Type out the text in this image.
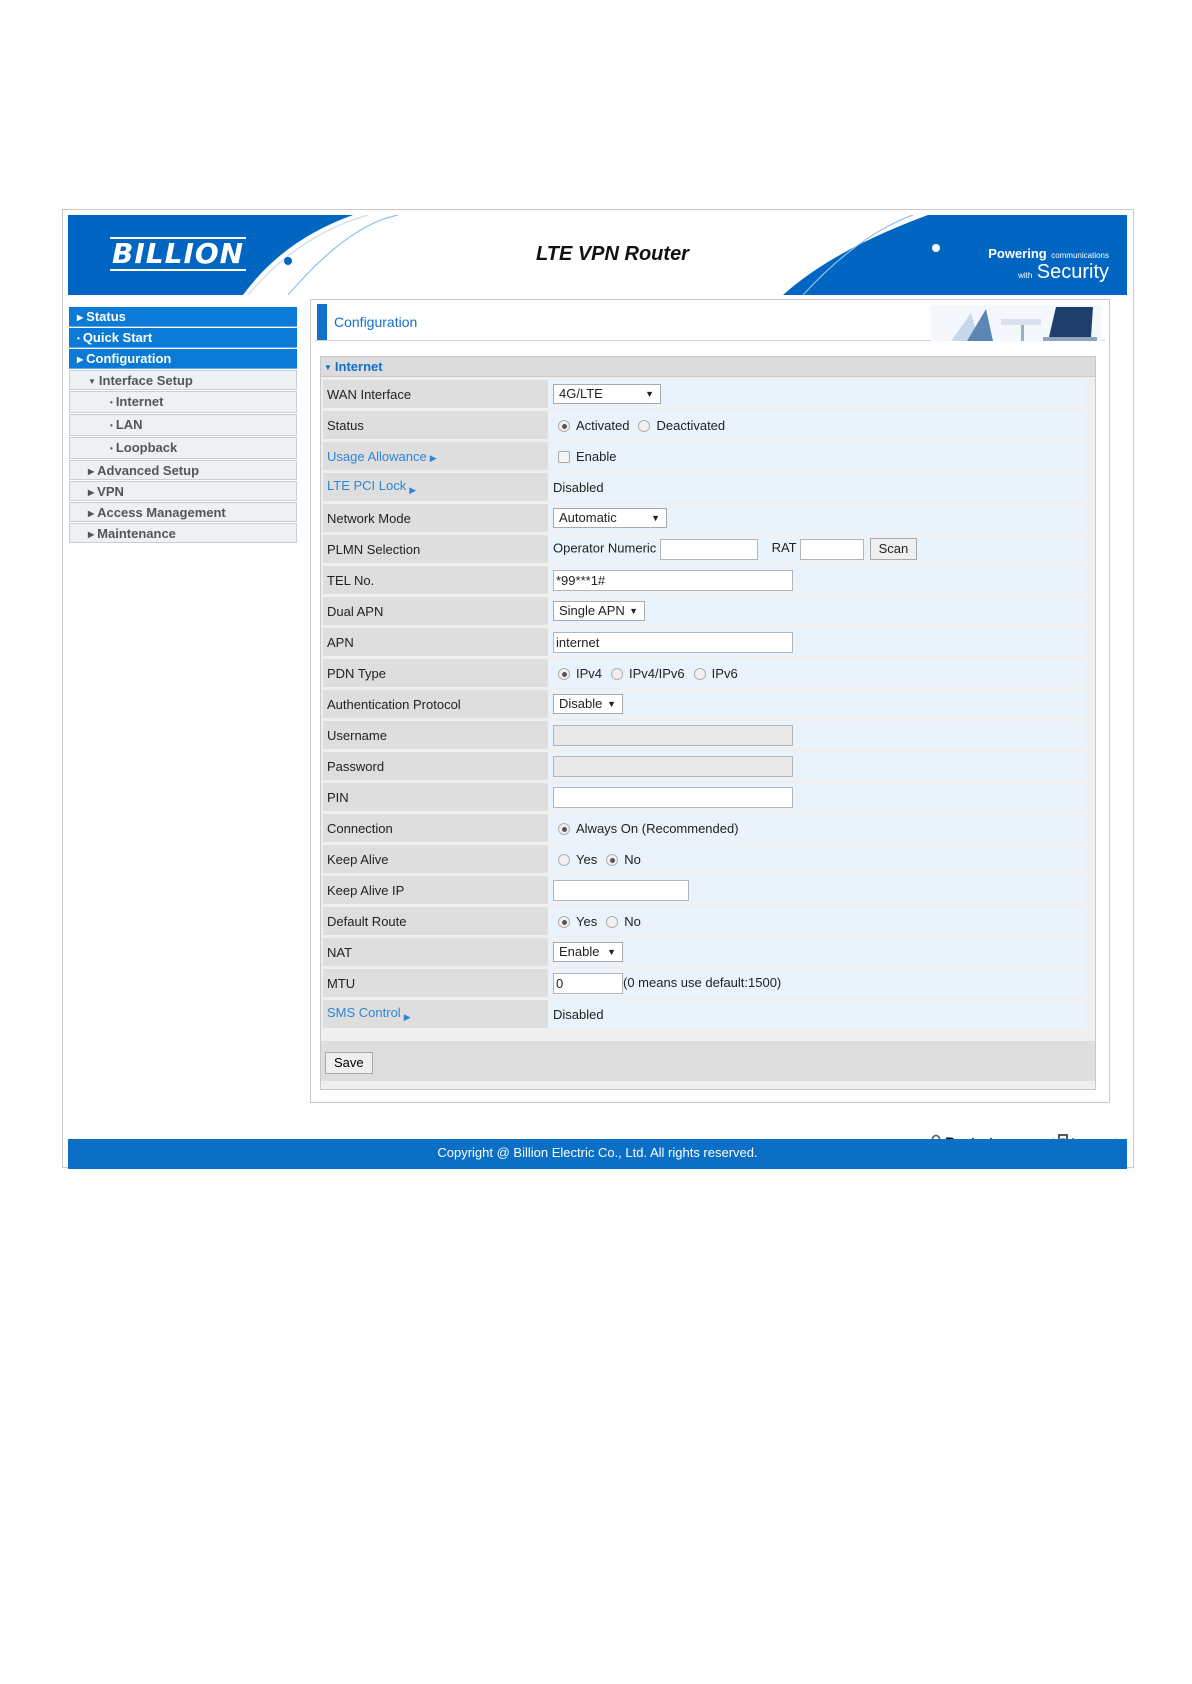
BILLION	LTE VPN Router	Powering communications
with Security
▶ Status
• Quick Start
▶ Configuration
▼ Interface Setup
• Internet
• LAN
• Loopback
▶ Advanced Setup
▶ VPN
▶ Access Management
▶ Maintenance
Configuration
▼ Internet
WAN Interface	4G/LTE ▼

Status	Activated Deactivated
Usage Allowance ▶	Enable
LTE PCI Lock $_▶$	Disabled
Network Mode	Automatic ▼

PLMN Selection	Operator Numeric RAT Scan
TEL No.	*99***1#
Dual APN	Single APN ▼

APN	internet
PDN Type	IPv4 IPv4/IPv6 IPv6
Authentication Protocol	Disable ▼

Username	
Password	
PIN	
Connection	Always On (Recommended)
Keep Alive	Yes No
Keep Alive IP	
Default Route	Yes No
NAT	Enable ▼

MTU	0 (0 means use default:1500)
SMS Control $_▶$	Disabled
Save
Copyright @ Billion Electric Co., Ltd. All rights reserved.
